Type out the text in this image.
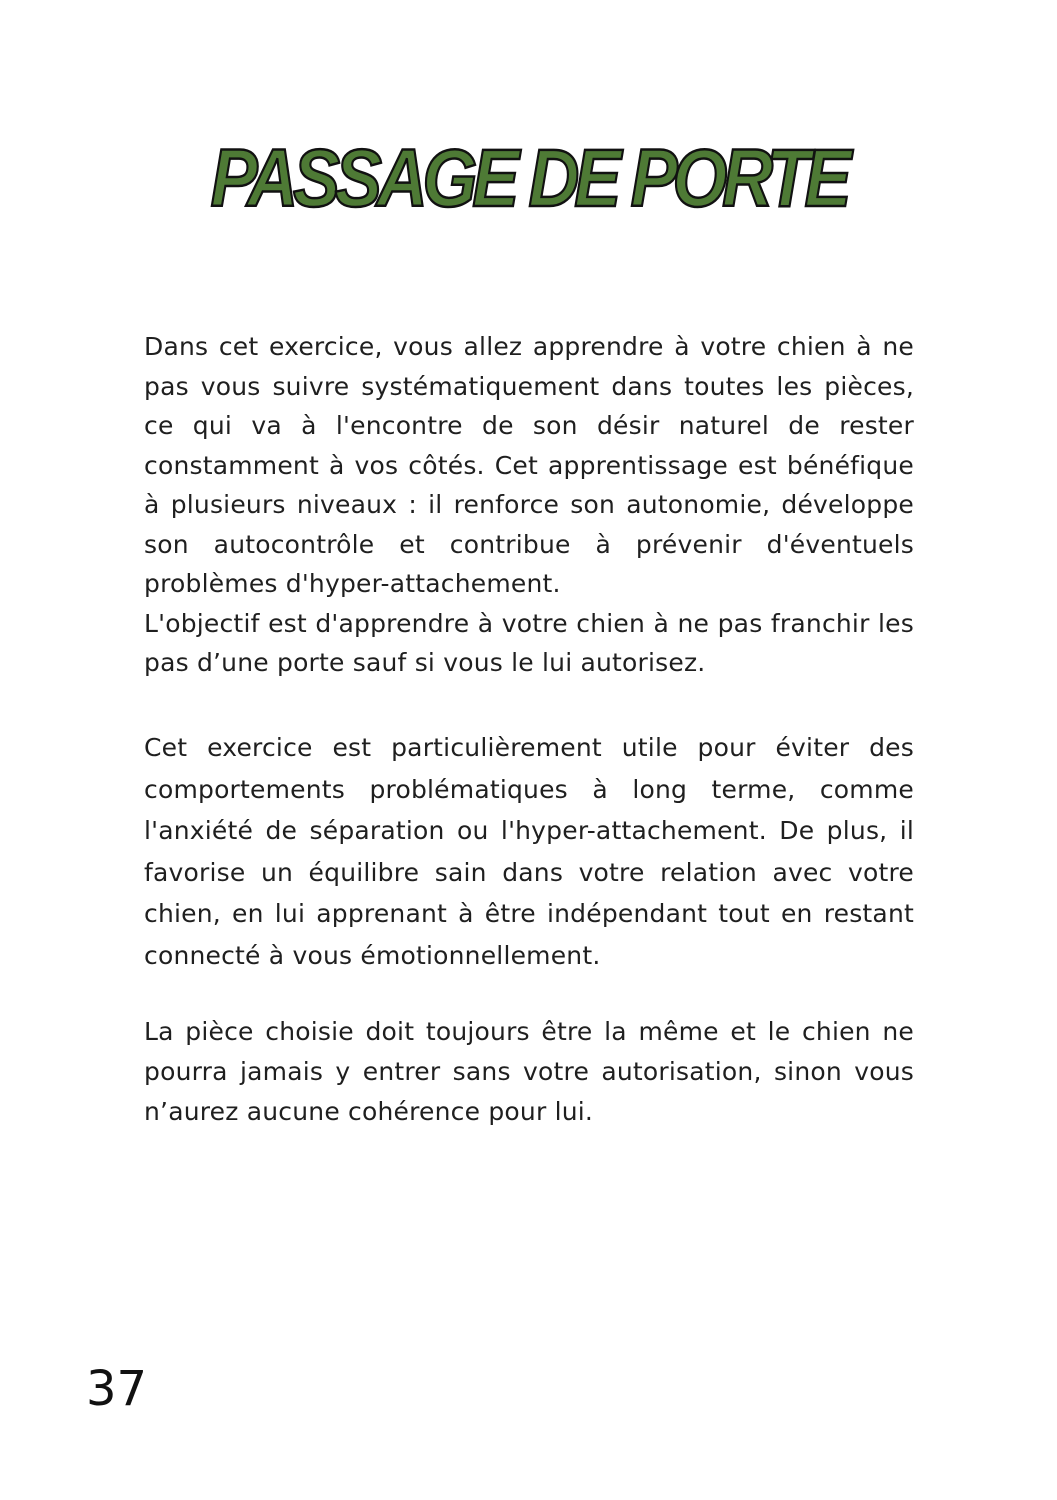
PASSAGE DE PORTE
Dans cet exercice, vous allez apprendre à votre chien à ne pas vous suivre systématiquement dans toutes les pièces, ce qui va à l'encontre de son désir naturel de rester constamment à vos côtés. Cet apprentissage est bénéfique à plusieurs niveaux : il renforce son autonomie, développe son autocontrôle et contribue à prévenir d'éventuels problèmes d'hyper-attachement.

L'objectif est d'apprendre à votre chien à ne pas franchir les pas d’une porte sauf si vous le lui autorisez.

Cet exercice est particulièrement utile pour éviter des comportements problématiques à long terme, comme l'anxiété de séparation ou l'hyper-attachement. De plus, il favorise un équilibre sain dans votre relation avec votre chien, en lui apprenant à être indépendant tout en restant connecté à vous émotionnellement.

La pièce choisie doit toujours être la même et le chien ne pourra jamais y entrer sans votre autorisation, sinon vous n’aurez aucune cohérence pour lui.

37
